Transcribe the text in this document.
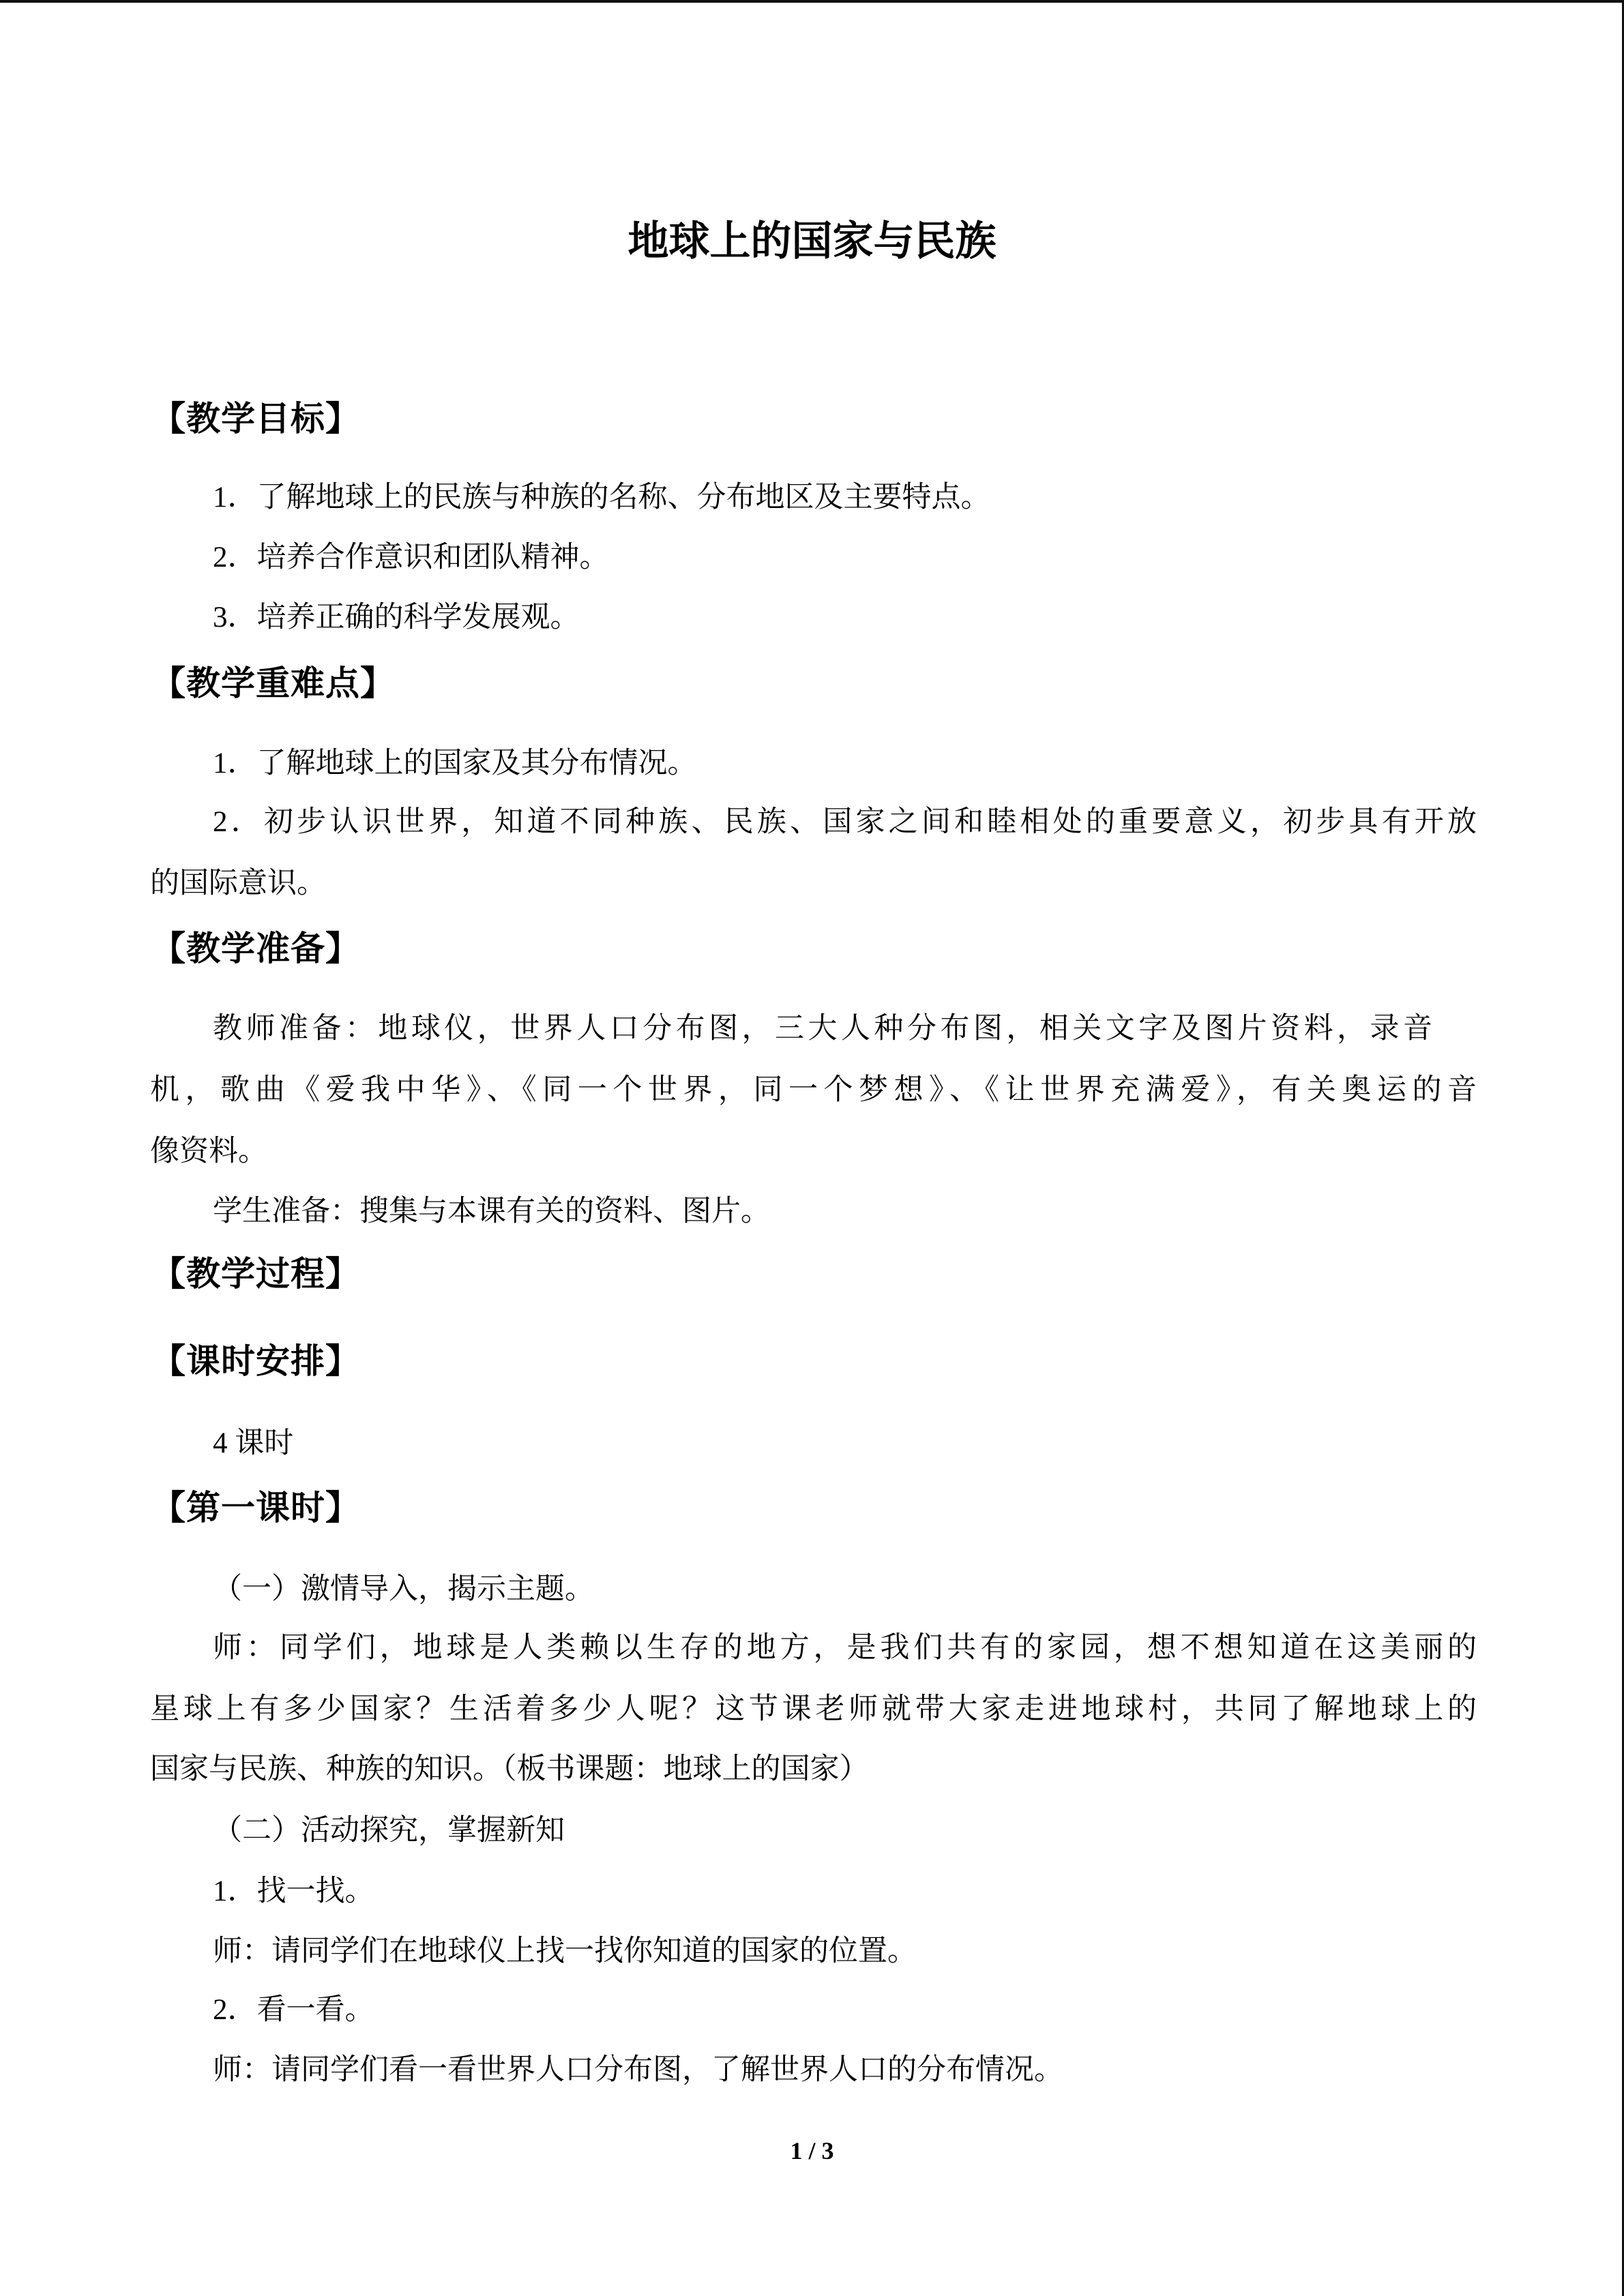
地球上的国家与民族
【教学目标】
1．了解地球上的民族与种族的名称、分布地区及主要特点。
2．培养合作意识和团队精神。
3．培养正确的科学发展观。
【教学重难点】
1．了解地球上的国家及其分布情况。
2．初步认识世界，知道不同种族、民族、国家之间和睦相处的重要意义，初步具有开放
的国际意识。
【教学准备】
教师准备：地球仪，世界人口分布图，三大人种分布图，相关文字及图片资料，录音
机，歌曲《爱我中华》、《同一个世界，同一个梦想》、《让世界充满爱》，有关奥运的音
像资料。
学生准备：搜集与本课有关的资料、图片。
【教学过程】
【课时安排】
4 课时
【第一课时】
（一）激情导入，揭示主题。
师：同学们，地球是人类赖以生存的地方，是我们共有的家园，想不想知道在这美丽的
星球上有多少国家？生活着多少人呢？这节课老师就带大家走进地球村，共同了解地球上的
国家与民族、种族的知识。（板书课题：地球上的国家）
（二）活动探究，掌握新知
1．找一找。
师：请同学们在地球仪上找一找你知道的国家的位置。
2．看一看。
师：请同学们看一看世界人口分布图，了解世界人口的分布情况。
1 / 3
